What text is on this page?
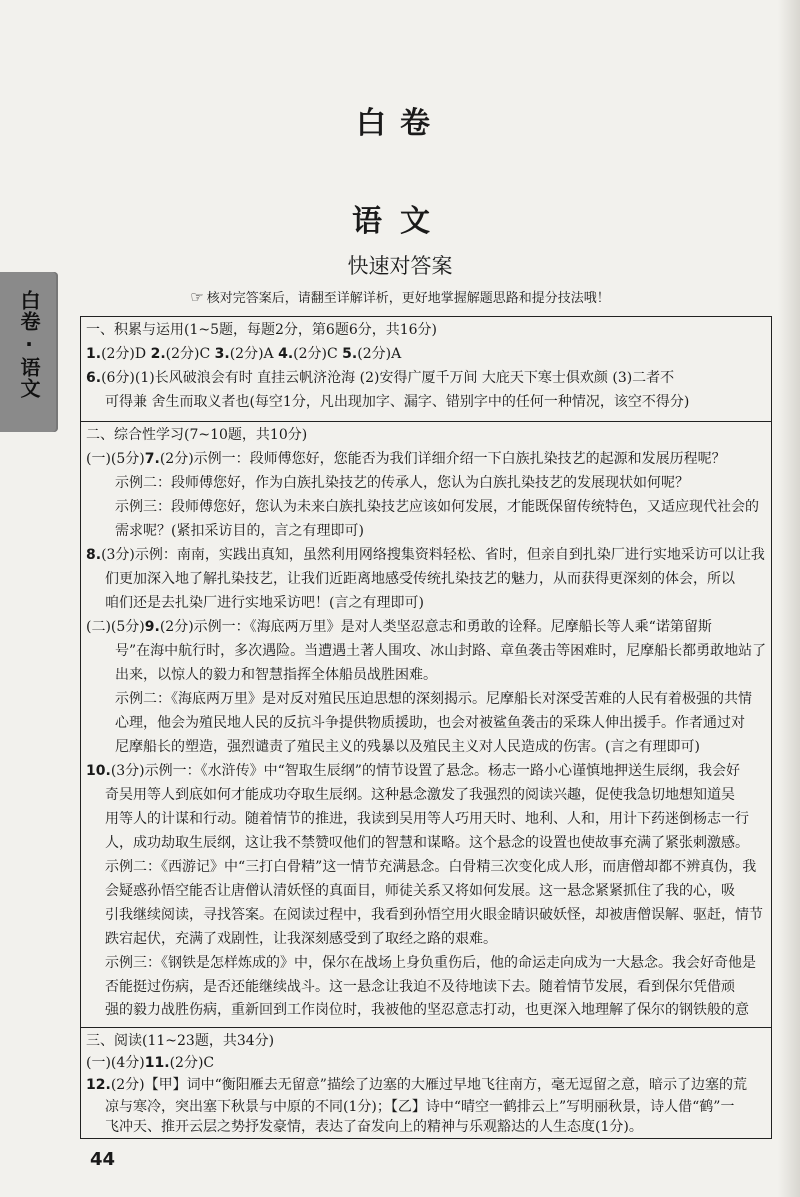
白卷·语文
白卷
语文
快速对答案
☞ 核对完答案后，请翻至详解详析，更好地掌握解题思路和提分技法哦！
一、积累与运用(1~5题，每题2分，第6题6分，共16分)
1.(2分)D 2.(2分)C 3.(2分)A 4.(2分)C 5.(2分)A
6.(6分)(1)长风破浪会有时 直挂云帆济沧海 (2)安得广厦千万间 大庇天下寒士俱欢颜 (3)二者不
可得兼 舍生而取义者也(每空1分，凡出现加字、漏字、错别字中的任何一种情况，该空不得分)
二、综合性学习(7~10题，共10分)
(一)(5分)7.(2分)示例一：段师傅您好，您能否为我们详细介绍一下白族扎染技艺的起源和发展历程呢？
示例二：段师傅您好，作为白族扎染技艺的传承人，您认为白族扎染技艺的发展现状如何呢？
示例三：段师傅您好，您认为未来白族扎染技艺应该如何发展，才能既保留传统特色，又适应现代社会的
需求呢？(紧扣采访目的，言之有理即可)
8.(3分)示例：南南，实践出真知，虽然利用网络搜集资料轻松、省时，但亲自到扎染厂进行实地采访可以让我
们更加深入地了解扎染技艺，让我们近距离地感受传统扎染技艺的魅力，从而获得更深刻的体会，所以
咱们还是去扎染厂进行实地采访吧！(言之有理即可)
(二)(5分)9.(2分)示例一：《海底两万里》是对人类坚忍意志和勇敢的诠释。尼摩船长等人乘“诺第留斯
号”在海中航行时，多次遇险。当遭遇土著人围攻、冰山封路、章鱼袭击等困难时，尼摩船长都勇敢地站了
出来，以惊人的毅力和智慧指挥全体船员战胜困难。
示例二：《海底两万里》是对反对殖民压迫思想的深刻揭示。尼摩船长对深受苦难的人民有着极强的共情
心理，他会为殖民地人民的反抗斗争提供物质援助，也会对被鲨鱼袭击的采珠人伸出援手。作者通过对
尼摩船长的塑造，强烈谴责了殖民主义的残暴以及殖民主义对人民造成的伤害。(言之有理即可)
10.(3分)示例一：《水浒传》中“智取生辰纲”的情节设置了悬念。杨志一路小心谨慎地押送生辰纲，我会好
奇吴用等人到底如何才能成功夺取生辰纲。这种悬念激发了我强烈的阅读兴趣，促使我急切地想知道吴
用等人的计谋和行动。随着情节的推进，我读到吴用等人巧用天时、地利、人和，用计下药迷倒杨志一行
人，成功劫取生辰纲，这让我不禁赞叹他们的智慧和谋略。这个悬念的设置也使故事充满了紧张刺激感。
示例二：《西游记》中“三打白骨精”这一情节充满悬念。白骨精三次变化成人形，而唐僧却都不辨真伪，我
会疑惑孙悟空能否让唐僧认清妖怪的真面目，师徒关系又将如何发展。这一悬念紧紧抓住了我的心，吸
引我继续阅读，寻找答案。在阅读过程中，我看到孙悟空用火眼金睛识破妖怪，却被唐僧误解、驱赶，情节
跌宕起伏，充满了戏剧性，让我深刻感受到了取经之路的艰难。
示例三：《钢铁是怎样炼成的》中，保尔在战场上身负重伤后，他的命运走向成为一大悬念。我会好奇他是
否能挺过伤病，是否还能继续战斗。这一悬念让我迫不及待地读下去。随着情节发展，看到保尔凭借顽
强的毅力战胜伤病，重新回到工作岗位时，我被他的坚忍意志打动，也更深入地理解了保尔的钢铁般的意
三、阅读(11~23题，共34分)
(一)(4分)11.(2分)C
12.(2分)【甲】词中“衡阳雁去无留意”描绘了边塞的大雁过早地飞往南方，毫无逗留之意，暗示了边塞的荒
凉与寒冷，突出塞下秋景与中原的不同(1分)；【乙】诗中“晴空一鹤排云上”写明丽秋景，诗人借“鹤”一
飞冲天、推开云层之势抒发豪情，表达了奋发向上的精神与乐观豁达的人生态度(1分)。
44
